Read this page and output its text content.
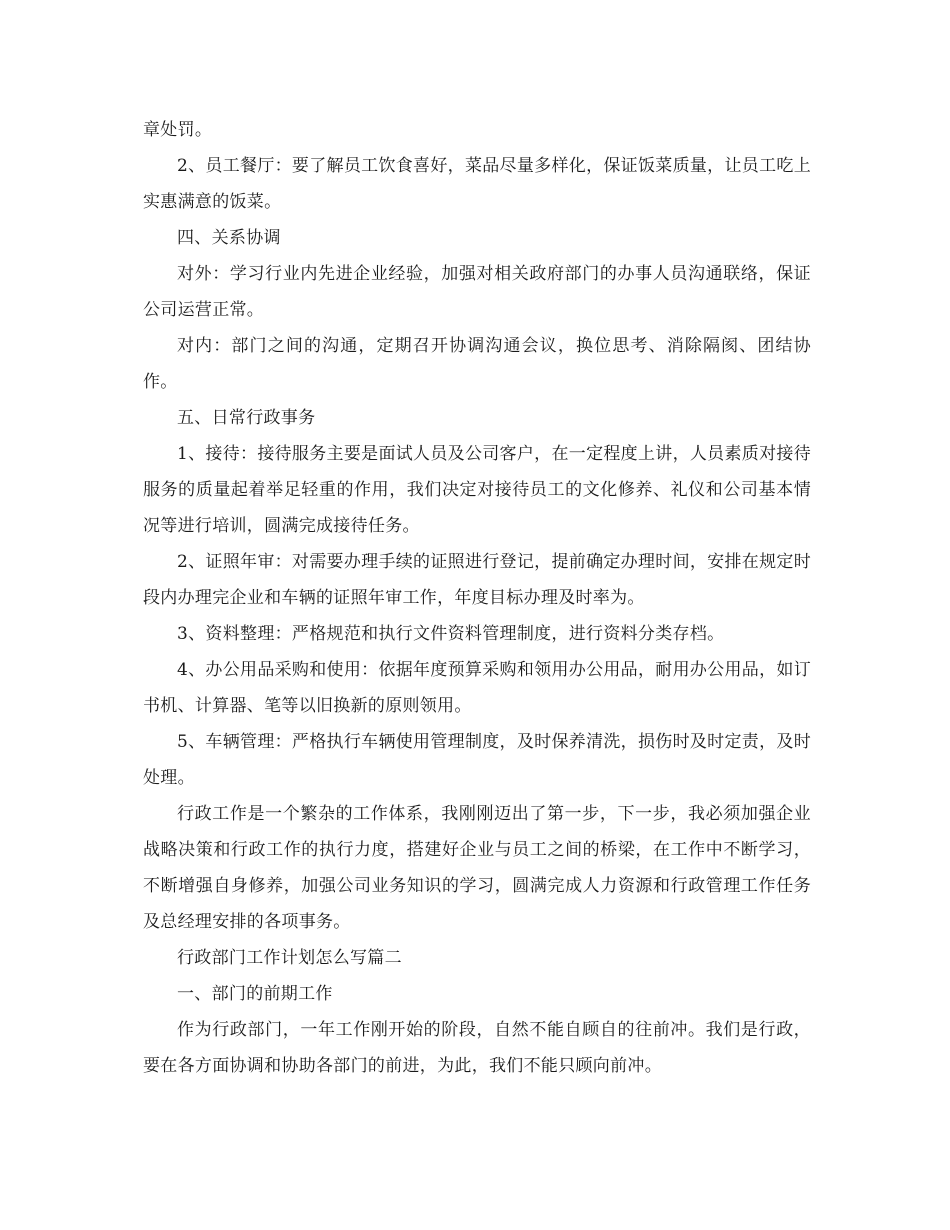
章处罚。

2、员工餐厅：要了解员工饮食喜好，菜品尽量多样化，保证饭菜质量，让员工吃上实惠满意的饭菜。

四、关系协调

对外：学习行业内先进企业经验，加强对相关政府部门的办事人员沟通联络，保证公司运营正常。

对内：部门之间的沟通，定期召开协调沟通会议，换位思考、消除隔阂、团结协作。

五、日常行政事务

1、接待：接待服务主要是面试人员及公司客户，在一定程度上讲，人员素质对接待服务的质量起着举足轻重的作用，我们决定对接待员工的文化修养、礼仪和公司基本情况等进行培训，圆满完成接待任务。

2、证照年审：对需要办理手续的证照进行登记，提前确定办理时间，安排在规定时段内办理完企业和车辆的证照年审工作，年度目标办理及时率为。

3、资料整理：严格规范和执行文件资料管理制度，进行资料分类存档。

4、办公用品采购和使用：依据年度预算采购和领用办公用品，耐用办公用品，如订书机、计算器、笔等以旧换新的原则领用。

5、车辆管理：严格执行车辆使用管理制度，及时保养清洗，损伤时及时定责，及时处理。

行政工作是一个繁杂的工作体系，我刚刚迈出了第一步，下一步，我必须加强企业战略决策和行政工作的执行力度，搭建好企业与员工之间的桥梁，在工作中不断学习，不断增强自身修养，加强公司业务知识的学习，圆满完成人力资源和行政管理工作任务及总经理安排的各项事务。

行政部门工作计划怎么写篇二

一、部门的前期工作

作为行政部门，一年工作刚开始的阶段，自然不能自顾自的往前冲。我们是行政，要在各方面协调和协助各部门的前进，为此，我们不能只顾向前冲。
